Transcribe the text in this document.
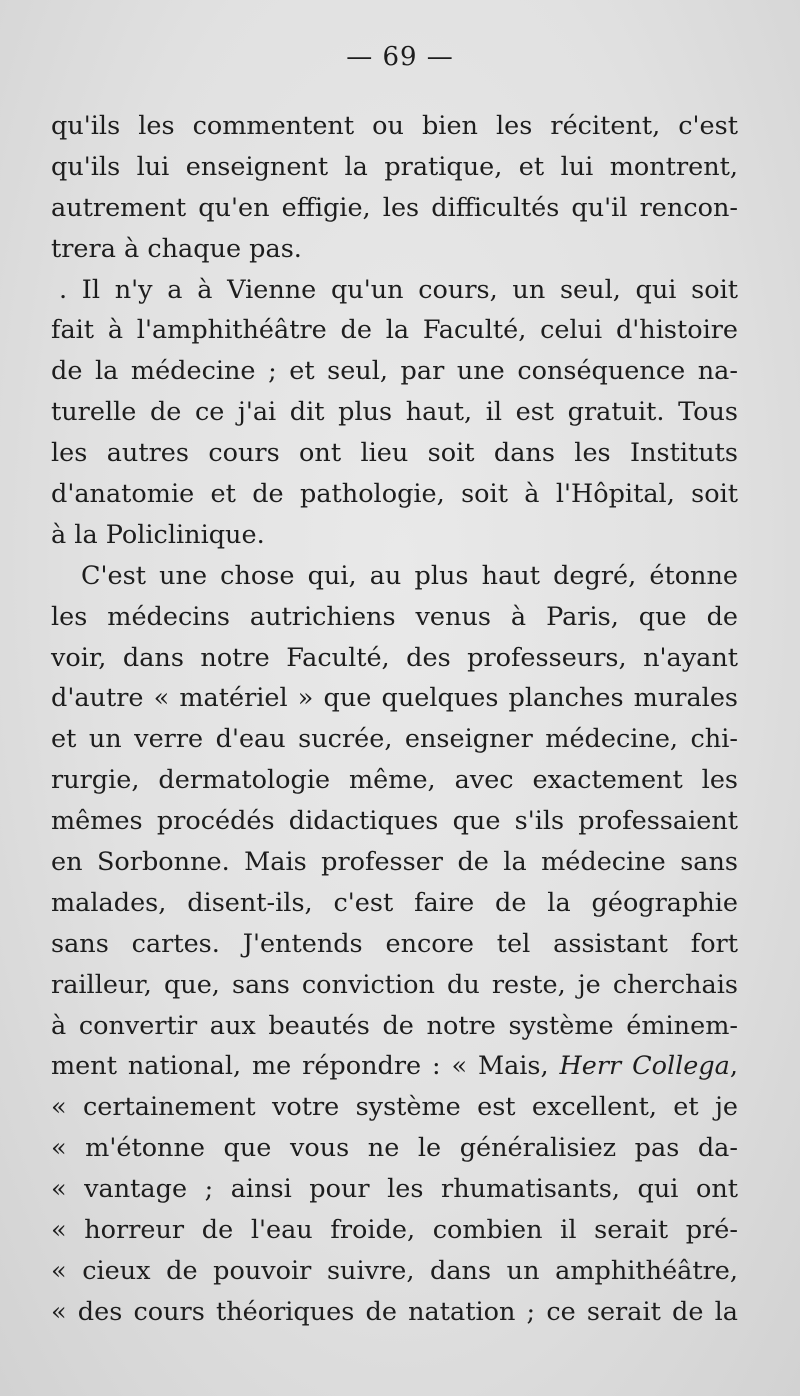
— 69 —
qu'ils les commentent ou bien les récitent, c'est
qu'ils lui enseignent la pratique, et lui montrent,
autrement qu'en effigie, les difficultés qu'il rencon-
trera à chaque pas.
. Il n'y a à Vienne qu'un cours, un seul, qui soit
fait à l'amphithéâtre de la Faculté, celui d'histoire
de la médecine ; et seul, par une conséquence na-
turelle de ce j'ai dit plus haut, il est gratuit. Tous
les autres cours ont lieu soit dans les Instituts
d'anatomie et de pathologie, soit à l'Hôpital, soit
à la Policlinique.
C'est une chose qui, au plus haut degré, étonne
les médecins autrichiens venus à Paris, que de
voir, dans notre Faculté, des professeurs, n'ayant
d'autre « matériel » que quelques planches murales
et un verre d'eau sucrée, enseigner médecine, chi-
rurgie, dermatologie même, avec exactement les
mêmes procédés didactiques que s'ils professaient
en Sorbonne. Mais professer de la médecine sans
malades, disent-ils, c'est faire de la géographie
sans cartes. J'entends encore tel assistant fort
railleur, que, sans conviction du reste, je cherchais
à convertir aux beautés de notre système éminem-
ment national, me répondre : « Mais, Herr Collega,
« certainement votre système est excellent, et je
« m'étonne que vous ne le généralisiez pas da-
« vantage ; ainsi pour les rhumatisants, qui ont
« horreur de l'eau froide, combien il serait pré-
« cieux de pouvoir suivre, dans un amphithéâtre,
« des cours théoriques de natation ; ce serait de la
